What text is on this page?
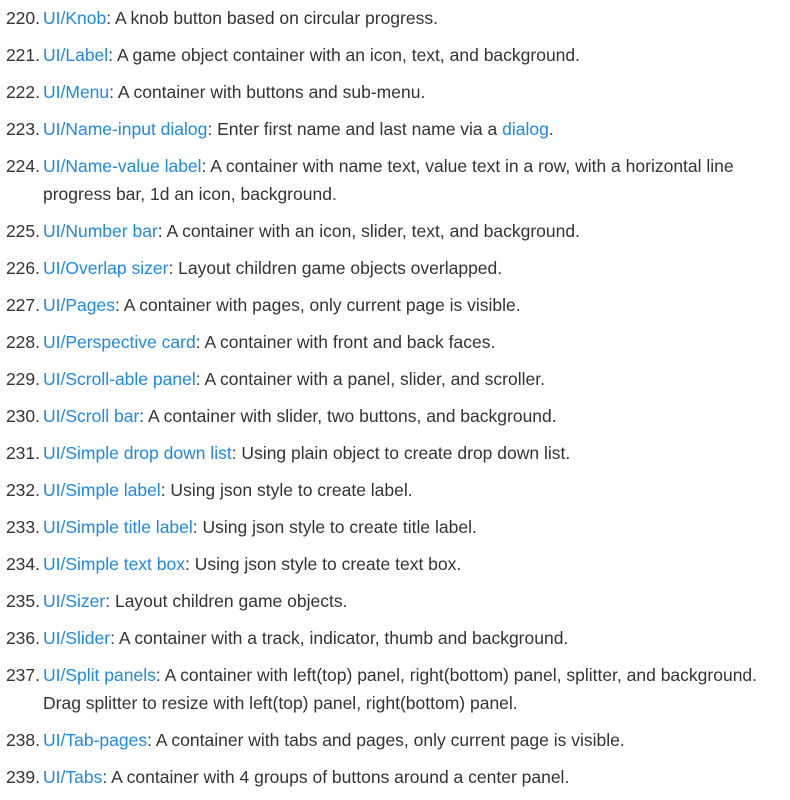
220. UI/Knob: A knob button based on circular progress.
221. UI/Label: A game object container with an icon, text, and background.
222. UI/Menu: A container with buttons and sub-menu.
223. UI/Name-input dialog: Enter first name and last name via a dialog.
224. UI/Name-value label: A container with name text, value text in a row, with a horizontal line progress bar, 1d an icon, background.
225. UI/Number bar: A container with an icon, slider, text, and background.
226. UI/Overlap sizer: Layout children game objects overlapped.
227. UI/Pages: A container with pages, only current page is visible.
228. UI/Perspective card: A container with front and back faces.
229. UI/Scroll-able panel: A container with a panel, slider, and scroller.
230. UI/Scroll bar: A container with slider, two buttons, and background.
231. UI/Simple drop down list: Using plain object to create drop down list.
232. UI/Simple label: Using json style to create label.
233. UI/Simple title label: Using json style to create title label.
234. UI/Simple text box: Using json style to create text box.
235. UI/Sizer: Layout children game objects.
236. UI/Slider: A container with a track, indicator, thumb and background.
237. UI/Split panels: A container with left(top) panel, right(bottom) panel, splitter, and background. Drag splitter to resize with left(top) panel, right(bottom) panel.
238. UI/Tab-pages: A container with tabs and pages, only current page is visible.
239. UI/Tabs: A container with 4 groups of buttons around a center panel.
